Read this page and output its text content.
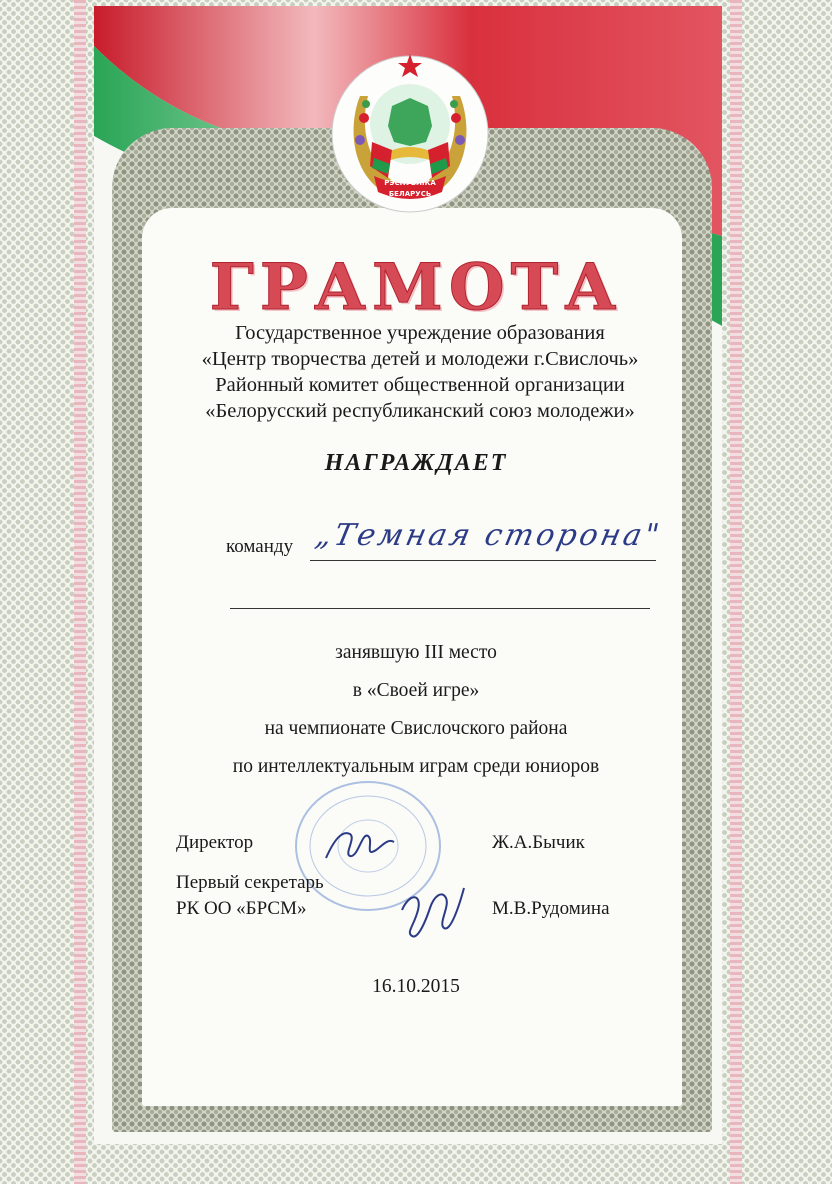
РЭСПУБЛІКА
БЕЛАРУСЬ
ГРАМОТА
Государственное учреждение образования
«Центр творчества детей и молодежи г.Свислочь»
Районный комитет общественной организации
«Белорусский республиканский союз молодежи»
НАГРАЖДАЕТ
команду „Темная сторона"
занявшую III место
в «Своей игре»
на чемпионате Свислочского района
по интеллектуальным играм среди юниоров
Директор	Ж.А.Бычик
Первый секретарь
РК ОО «БРСМ»	М.В.Рудомина
16.10.2015
